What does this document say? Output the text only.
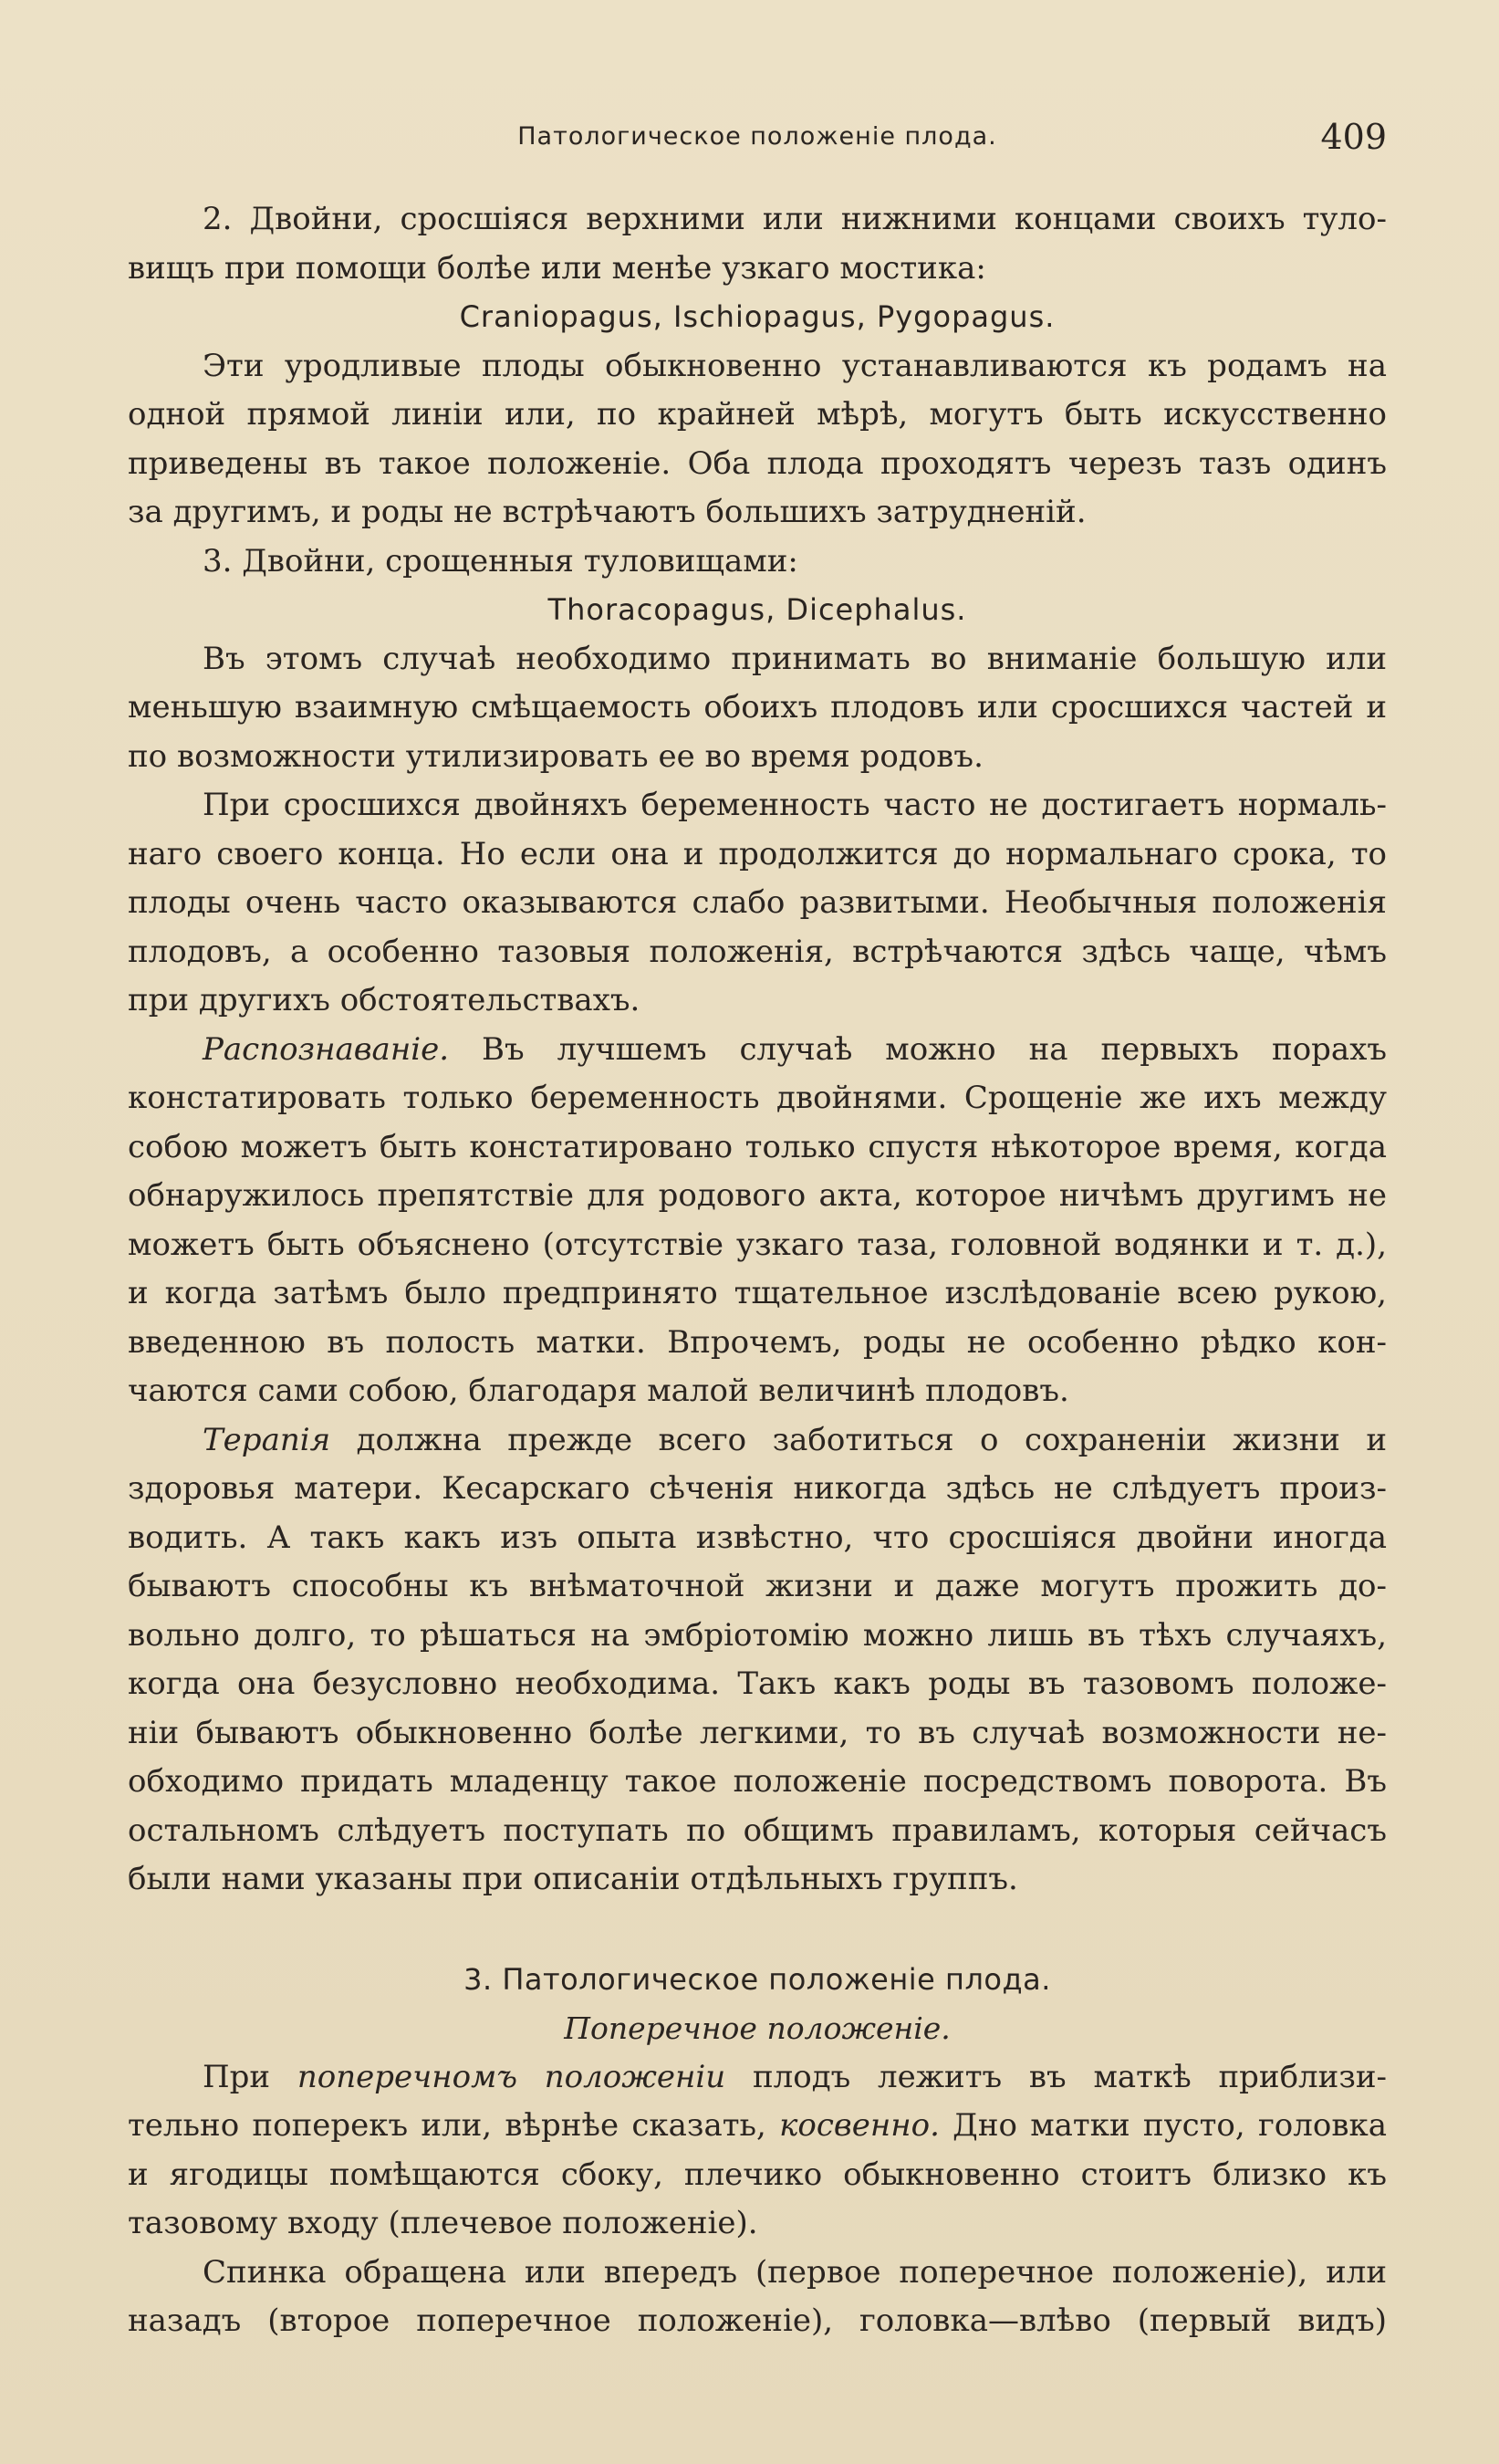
Патологическое положеніе плода.	409
2. Двойни, сросшіяся верхними или нижними концами своихъ туло-
вищъ при помощи болѣе или менѣе узкаго мостика:
Craniopagus, Ischiopagus, Pygopagus.
Эти уродливые плоды обыкновенно устанавливаются къ родамъ на
одной прямой линіи или, по крайней мѣрѣ, могутъ быть искусственно
приведены въ такое положеніе. Оба плода проходятъ черезъ тазъ одинъ
за другимъ, и роды не встрѣчаютъ большихъ затрудненій.
3. Двойни, срощенныя туловищами:
Thoracopagus, Dicephalus.
Въ этомъ случаѣ необходимо принимать во вниманіе большую или
меньшую взаимную смѣщаемость обоихъ плодовъ или сросшихся частей и
по возможности утилизировать ее во время родовъ.
При сросшихся двойняхъ беременность часто не достигаетъ нормаль-
наго своего конца. Но если она и продолжится до нормальнаго срока, то
плоды очень часто оказываются слабо развитыми. Необычныя положенія
плодовъ, а особенно тазовыя положенія, встрѣчаются здѣсь чаще, чѣмъ
при другихъ обстоятельствахъ.
Распознаваніе. Въ лучшемъ случаѣ можно на первыхъ порахъ
констатировать только беременность двойнями. Срощеніе же ихъ между
собою можетъ быть констатировано только спустя нѣкоторое время, когда
обнаружилось препятствіе для родового акта, которое ничѣмъ другимъ не
можетъ быть объяснено (отсутствіе узкаго таза, головной водянки и т. д.),
и когда затѣмъ было предпринято тщательное изслѣдованіе всею рукою,
введенною въ полость матки. Впрочемъ, роды не особенно рѣдко кон-
чаются сами собою, благодаря малой величинѣ плодовъ.
Терапія должна прежде всего заботиться о сохраненіи жизни и
здоровья матери. Кесарскаго сѣченія никогда здѣсь не слѣдуетъ произ-
водить. А такъ какъ изъ опыта извѣстно, что сросшіяся двойни иногда
бываютъ способны къ внѣматочной жизни и даже могутъ прожить до-
вольно долго, то рѣшаться на эмбріотомію можно лишь въ тѣхъ случаяхъ,
когда она безусловно необходима. Такъ какъ роды въ тазовомъ положе-
ніи бываютъ обыкновенно болѣе легкими, то въ случаѣ возможности не-
обходимо придать младенцу такое положеніе посредствомъ поворота. Въ
остальномъ слѣдуетъ поступать по общимъ правиламъ, которыя сейчасъ
были нами указаны при описаніи отдѣльныхъ группъ.
3. Патологическое положеніе плода.
Поперечное положеніе.
При поперечномъ положеніи плодъ лежитъ въ маткѣ приблизи-
тельно поперекъ или, вѣрнѣе сказать, косвенно. Дно матки пусто, головка
и ягодицы помѣщаются сбоку, плечико обыкновенно стоитъ близко къ
тазовому входу (плечевое положеніе).
Спинка обращена или впередъ (первое поперечное положеніе), или
назадъ (второе поперечное положеніе), головка—влѣво (первый видъ)
